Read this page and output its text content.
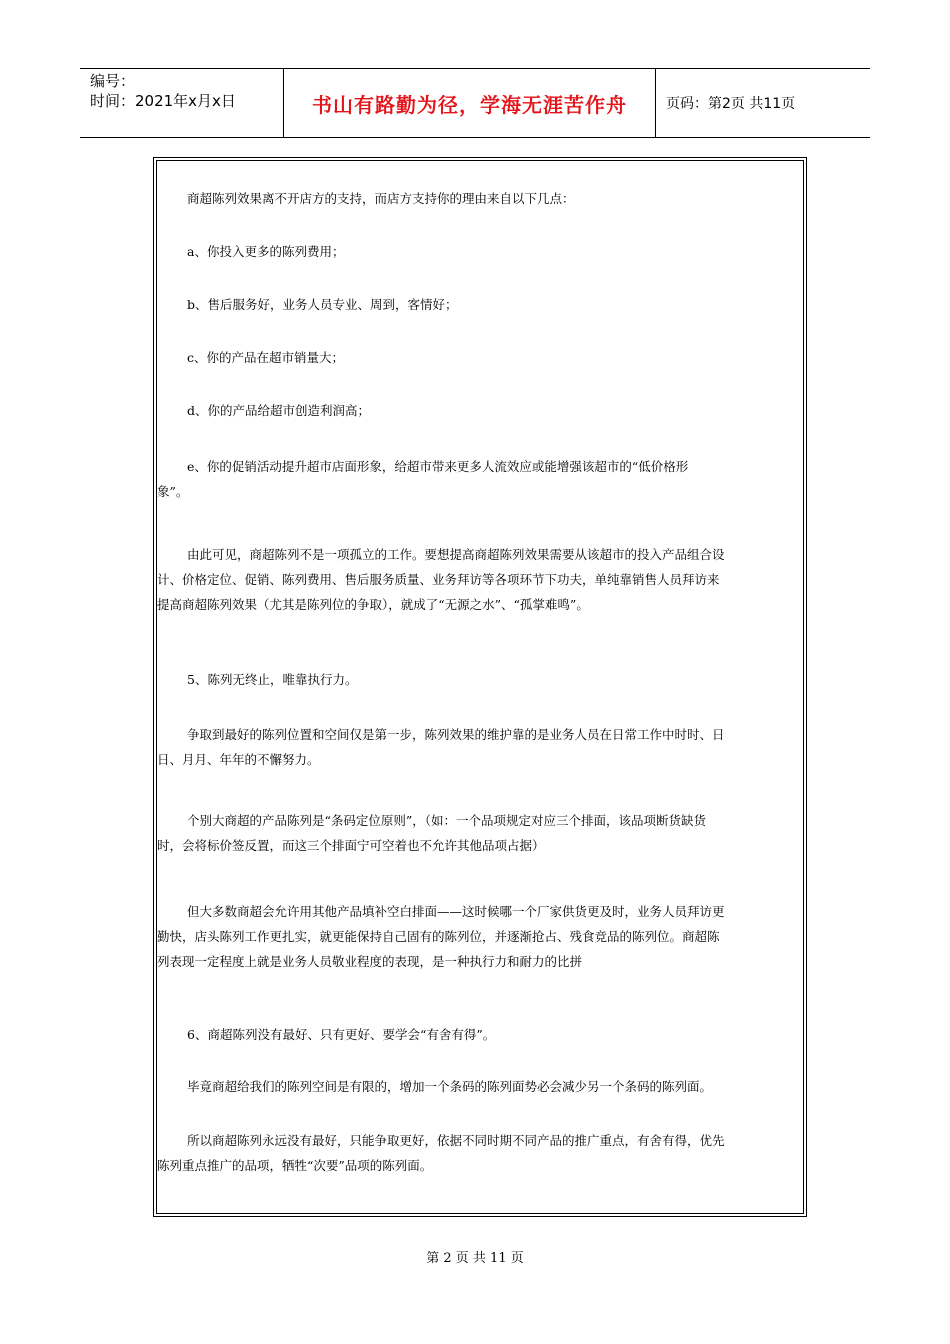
编号：
时间：2021年x月x日	书山有路勤为径，学海无涯苦作舟	页码：第2页 共11页
商超陈列效果离不开店方的支持，而店方支持你的理由来自以下几点：
a、你投入更多的陈列费用；
b、售后服务好，业务人员专业、周到，客情好；
c、你的产品在超市销量大；
d、你的产品给超市创造利润高；
e、你的促销活动提升超市店面形象，给超市带来更多人流效应或能增强该超市的“低价格形
象”。
由此可见，商超陈列不是一项孤立的工作。要想提高商超陈列效果需要从该超市的投入产品组合设
计、价格定位、促销、陈列费用、售后服务质量、业务拜访等各项环节下功夫，单纯靠销售人员拜访来
提高商超陈列效果（尤其是陈列位的争取），就成了“无源之水”、“孤掌难鸣”。
5、陈列无终止，唯靠执行力。
争取到最好的陈列位置和空间仅是第一步，陈列效果的维护靠的是业务人员在日常工作中时时、日
日、月月、年年的不懈努力。
个别大商超的产品陈列是“条码定位原则”，（如：一个品项规定对应三个排面，该品项断货缺货
时，会将标价签反置，而这三个排面宁可空着也不允许其他品项占据）
但大多数商超会允许用其他产品填补空白排面——这时候哪一个厂家供货更及时，业务人员拜访更
勤快，店头陈列工作更扎实，就更能保持自己固有的陈列位，并逐渐抢占、残食竞品的陈列位。商超陈
列表现一定程度上就是业务人员敬业程度的表现，是一种执行力和耐力的比拼
6、商超陈列没有最好、只有更好、要学会“有舍有得”。
毕竟商超给我们的陈列空间是有限的，增加一个条码的陈列面势必会减少另一个条码的陈列面。
所以商超陈列永远没有最好，只能争取更好，依据不同时期不同产品的推广重点，有舍有得，优先
陈列重点推广的品项，牺牲“次要”品项的陈列面。
第 2 页 共 11 页
